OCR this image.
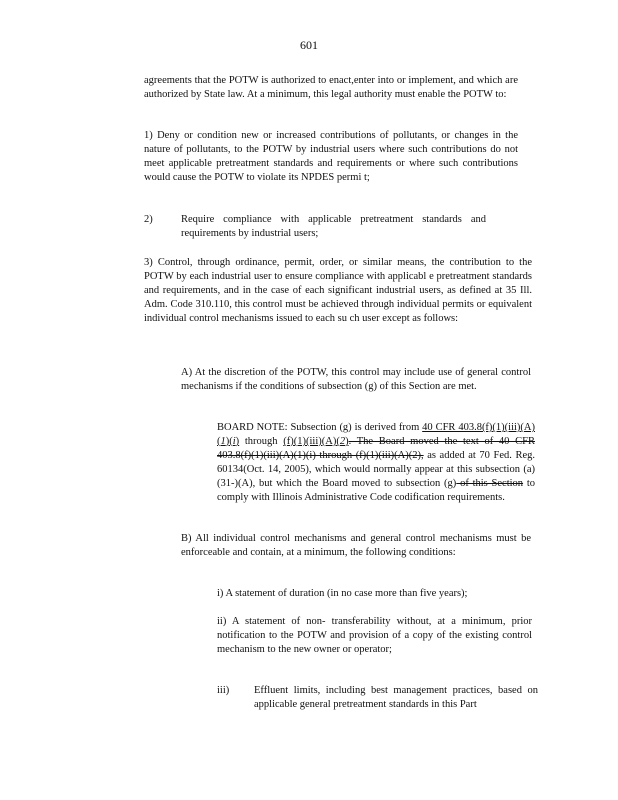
601
agreements that the POTW is authorized to enact,enter into or implement, and which are authorized by State law. At a minimum, this legal authority must enable the POTW to:
1) Deny or condition new or increased contributions of pollutants, or changes in the nature of pollutants, to the POTW by industrial users where such contributions do not meet applicable pretreatment standards and requirements or where such contributions would cause the POTW to violate its NPDES permi t;
2)	Require compliance with applicable pretreatment standards and requirements by industrial users;
3) Control, through ordinance, permit, order, or similar means, the contribution to the POTW by each industrial user to ensure compliance with applicabl e pretreatment standards and requirements, and in the case of each significant industrial users, as defined at 35 Ill. Adm. Code 310.110, this control must be achieved through individual permits or equivalent individual control mechanisms issued to each su ch user except as follows:
A) At the discretion of the POTW, this control may include use of general control mechanisms if the conditions of subsection (g) of this Section are met.
BOARD NOTE: Subsection (g) is derived from 40 CFR 403.8(f)(1)(iii)(A)(1)(i) through (f)(1)(iii)(A)(2). The Board moved the text of 40 CFR 403.8(f)(1)(iii)(A)(1)(i) through (f)(1)(iii)(A)(2), as added at 70 Fed. Reg. 60134(Oct. 14, 2005), which would normally appear at this subsection (a)(31-)(A), but which the Board moved to subsection (g) of this Section to comply with Illinois Administrative Code codification requirements.
B) All individual control mechanisms and general control mechanisms must be enforceable and contain, at a minimum, the following conditions:
i) A statement of duration (in no case more than five years);
ii) A statement of non- transferability without, at a minimum, prior notification to the POTW and provision of a copy of the existing control mechanism to the new owner or operator;
iii)	Effluent limits, including best management practices, based on applicable general pretreatment standards in this Part
